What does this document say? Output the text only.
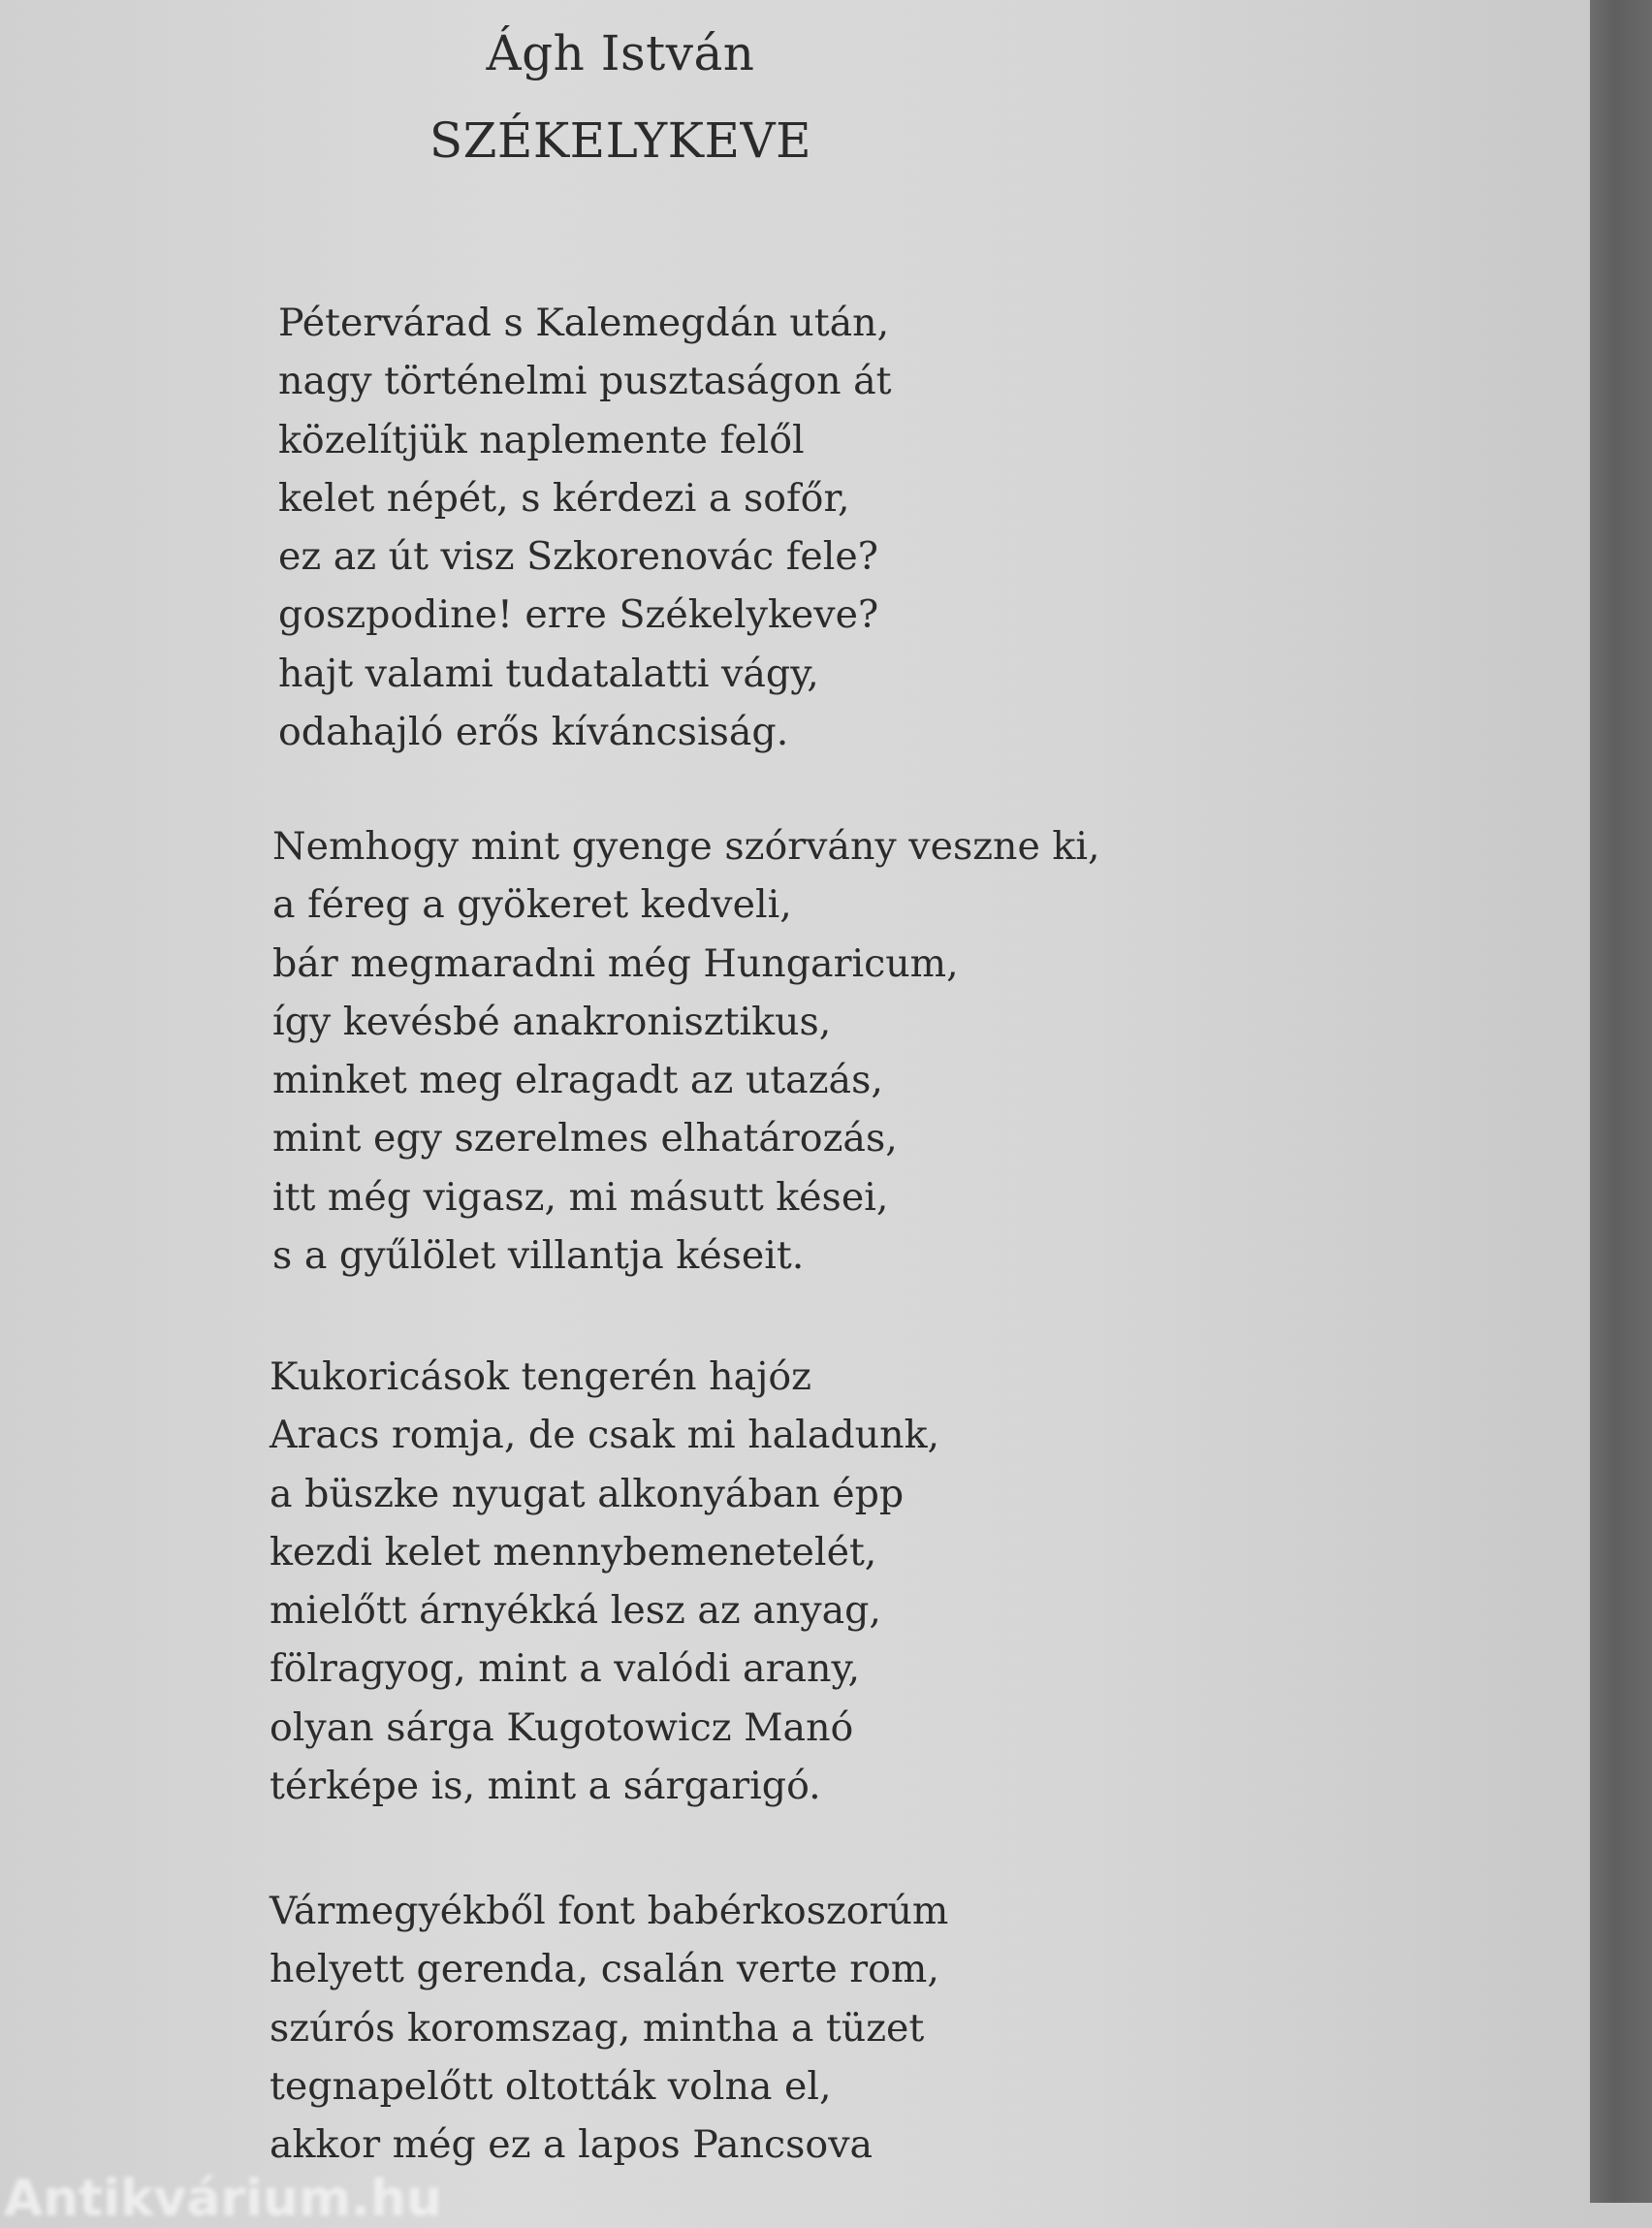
Ágh István
SZÉKELYKEVE
Pétervárad s Kalemegdán után,
nagy történelmi pusztaságon át
közelítjük naplemente felől
kelet népét, s kérdezi a sofőr,
ez az út visz Szkorenovác fele?
goszpodine! erre Székelykeve?
hajt valami tudatalatti vágy,
odahajló erős kíváncsiság.
Nemhogy mint gyenge szórvány veszne ki,
a féreg a gyökeret kedveli,
bár megmaradni még Hungaricum,
így kevésbé anakronisztikus,
minket meg elragadt az utazás,
mint egy szerelmes elhatározás,
itt még vigasz, mi másutt kései,
s a gyűlölet villantja késeit.
Kukoricások tengerén hajóz
Aracs romja, de csak mi haladunk,
a büszke nyugat alkonyában épp
kezdi kelet mennybemenetelét,
mielőtt árnyékká lesz az anyag,
fölragyog, mint a valódi arany,
olyan sárga Kugotowicz Manó
térképe is, mint a sárgarigó.
Vármegyékből font babérkoszorúm
helyett gerenda, csalán verte rom,
szúrós koromszag, mintha a tüzet
tegnapelőtt oltották volna el,
akkor még ez a lapos Pancsova
Antikvárium.hu
